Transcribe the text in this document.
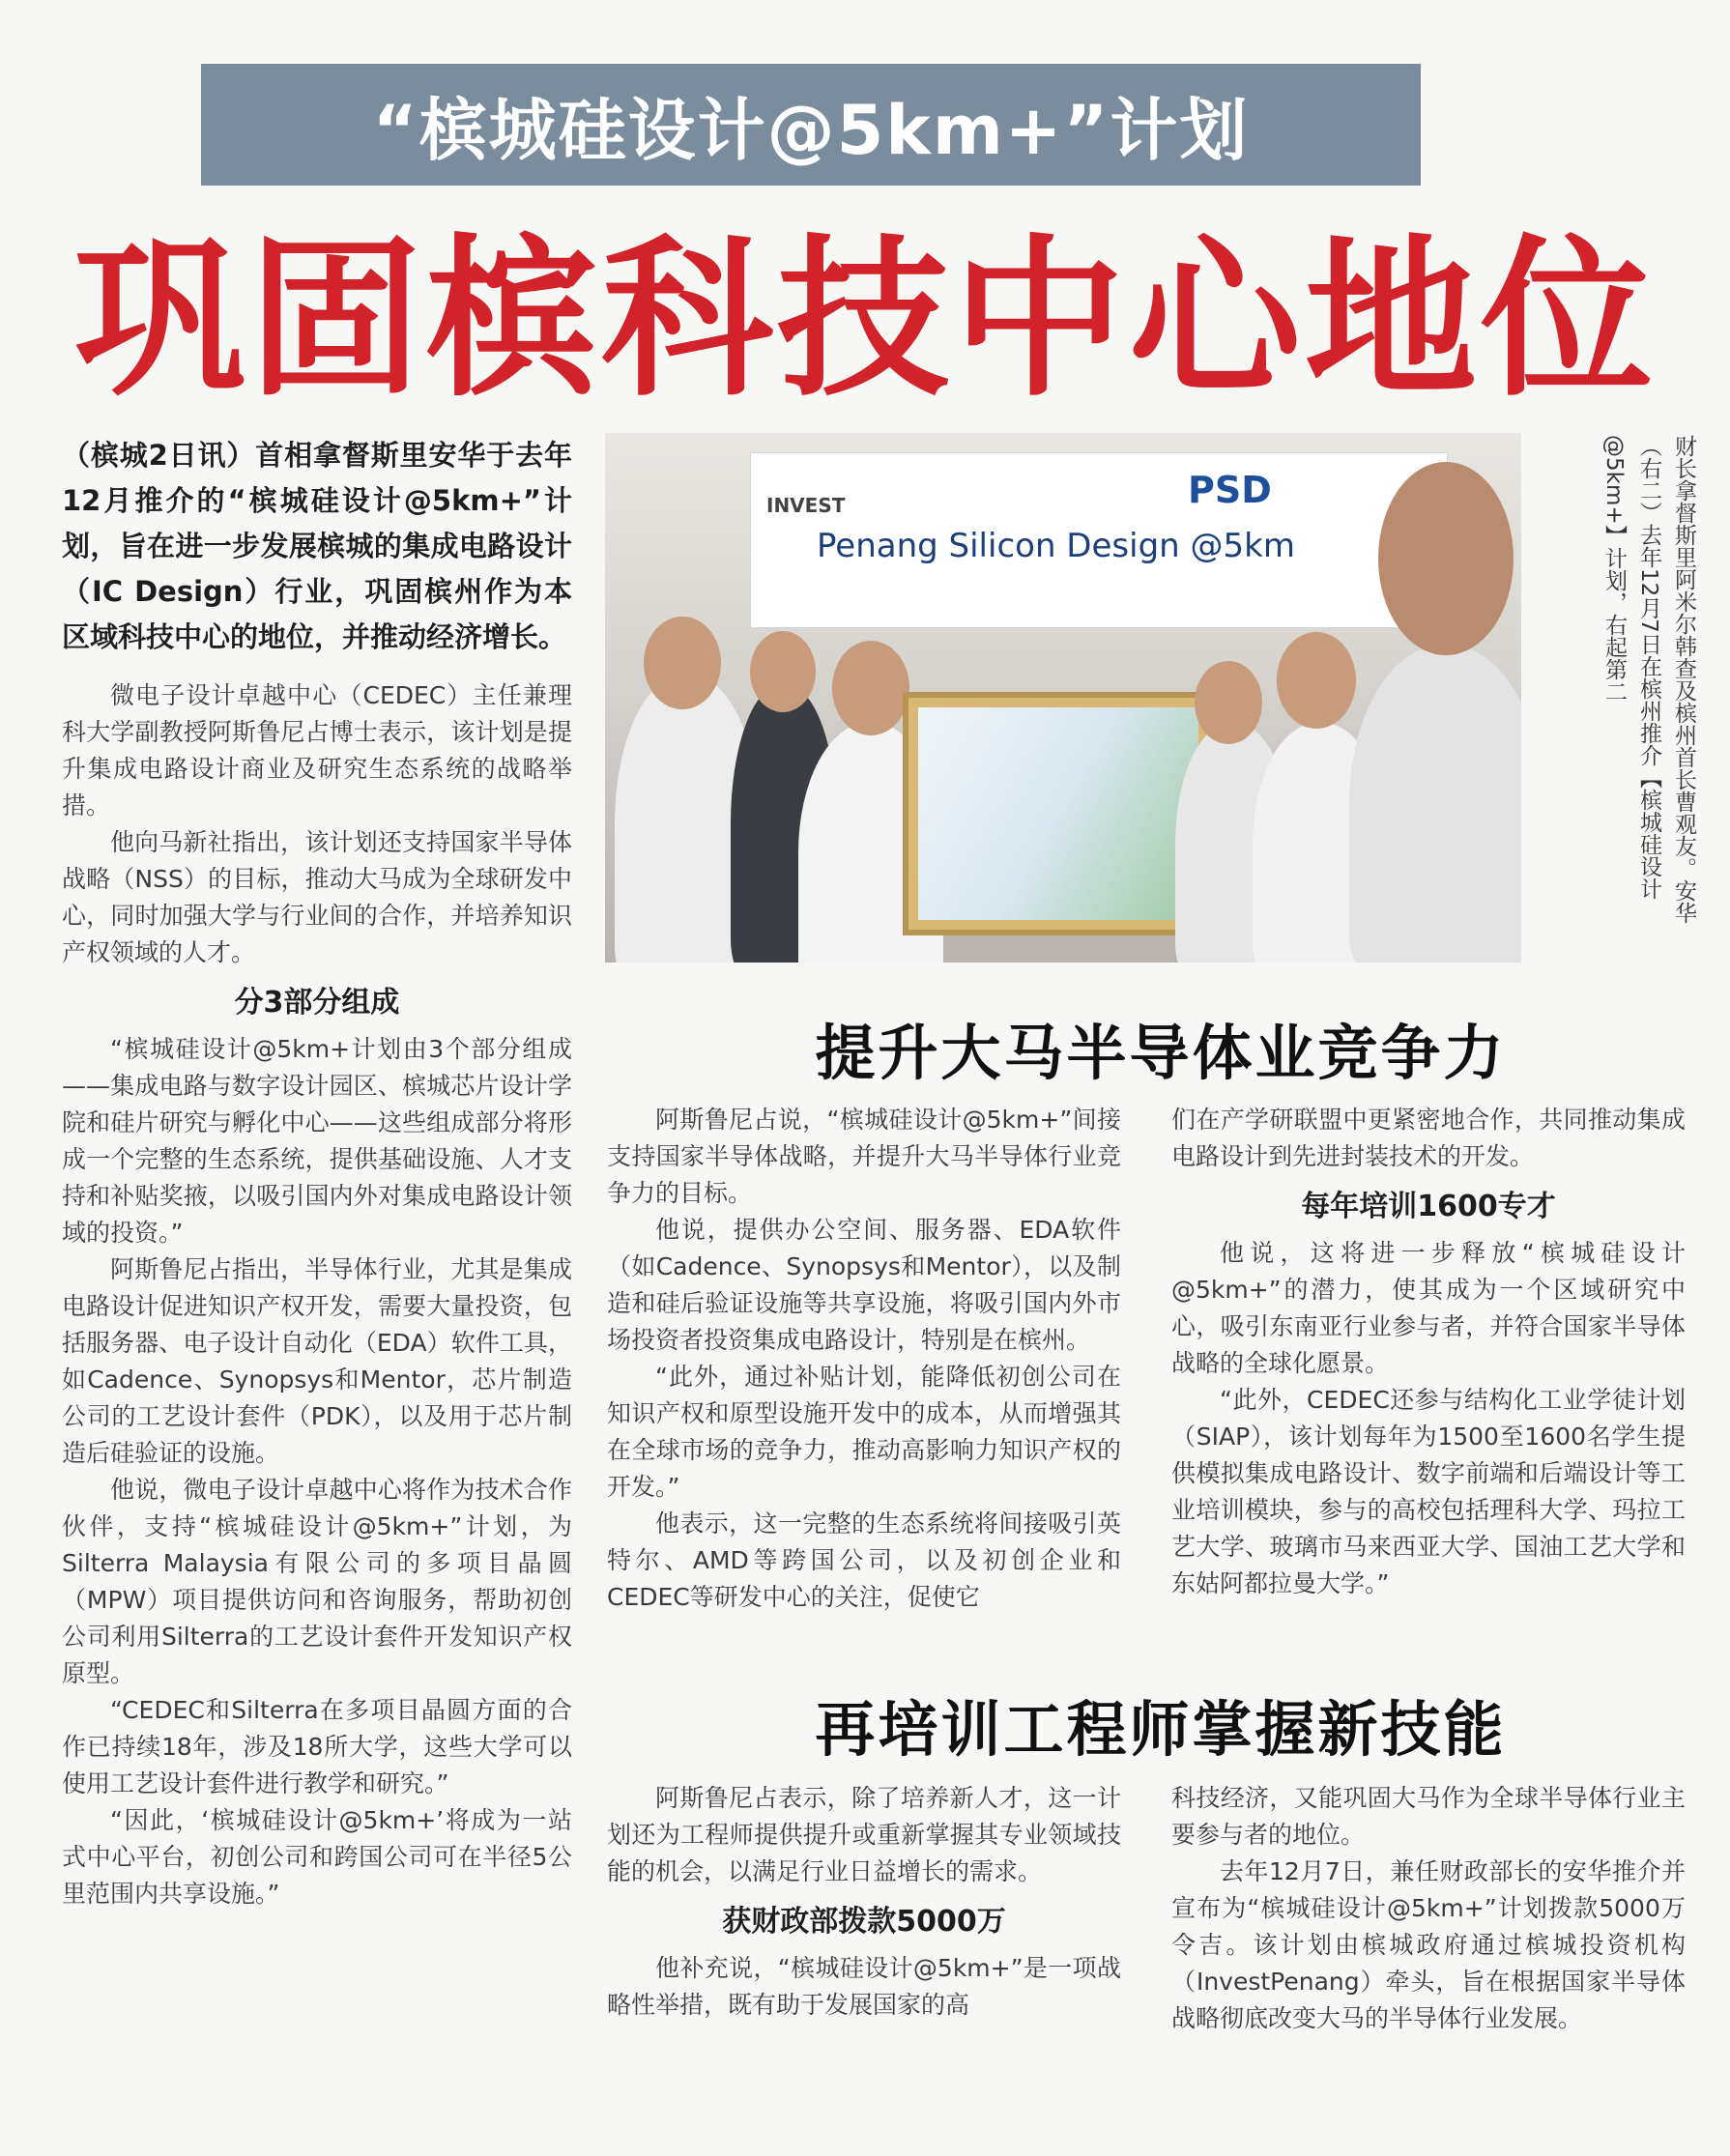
“槟城硅设计@5km+”计划
巩固槟科技中心地位

（槟城2日讯）首相拿督斯里安华于去年12月推介的“槟城硅设计@5km+”计划，旨在进一步发展槟城的集成电路设计（IC Design）行业，巩固槟州作为本区域科技中心的地位，并推动经济增长。

微电子设计卓越中心（CEDEC）主任兼理科大学副教授阿斯鲁尼占博士表示，该计划是提升集成电路设计商业及研究生态系统的战略举措。

他向马新社指出，该计划还支持国家半导体战略（NSS）的目标，推动大马成为全球研发中心，同时加强大学与行业间的合作，并培养知识产权领域的人才。

分3部分组成

“槟城硅设计@5km+计划由3个部分组成——集成电路与数字设计园区、槟城芯片设计学院和硅片研究与孵化中心——这些组成部分将形成一个完整的生态系统，提供基础设施、人才支持和补贴奖掖，以吸引国内外对集成电路设计领域的投资。”

阿斯鲁尼占指出，半导体行业，尤其是集成电路设计促进知识产权开发，需要大量投资，包括服务器、电子设计自动化（EDA）软件工具，如Cadence、Synopsys和Mentor，芯片制造公司的工艺设计套件（PDK），以及用于芯片制造后硅验证的设施。

他说，微电子设计卓越中心将作为技术合作伙伴，支持“槟城硅设计@5km+”计划，为Silterra Malaysia有限公司的多项目晶圆（MPW）项目提供访问和咨询服务，帮助初创公司利用Silterra的工艺设计套件开发知识产权原型。

“CEDEC和Silterra在多项目晶圆方面的合作已持续18年，涉及18所大学，这些大学可以使用工艺设计套件进行教学和研究。”

“因此，‘槟城硅设计@5km+’将成为一站式中心平台，初创公司和跨国公司可在半径5公里范围内共享设施。”

INVEST	PSD
Penang Silicon Design @5km	财长拿督斯里阿米尔韩查及槟州首长曹观友。安华（右二）去年12月7日在槟州推介【槟城硅设计@5km+】计划，右起第二
提升大马半导体业竞争力

阿斯鲁尼占说，“槟城硅设计@5km+”间接支持国家半导体战略，并提升大马半导体行业竞争力的目标。

他说，提供办公空间、服务器、EDA软件（如Cadence、Synopsys和Mentor），以及制造和硅后验证设施等共享设施，将吸引国内外市场投资者投资集成电路设计，特别是在槟州。

“此外，通过补贴计划，能降低初创公司在知识产权和原型设施开发中的成本，从而增强其在全球市场的竞争力，推动高影响力知识产权的开发。”

他表示，这一完整的生态系统将间接吸引英特尔、AMD等跨国公司，以及初创企业和CEDEC等研发中心的关注，促使它

们在产学研联盟中更紧密地合作，共同推动集成电路设计到先进封装技术的开发。

每年培训1600专才

他说，这将进一步释放“槟城硅设计@5km+”的潜力，使其成为一个区域研究中心，吸引东南亚行业参与者，并符合国家半导体战略的全球化愿景。

“此外，CEDEC还参与结构化工业学徒计划（SIAP），该计划每年为1500至1600名学生提供模拟集成电路设计、数字前端和后端设计等工业培训模块，参与的高校包括理科大学、玛拉工艺大学、玻璃市马来西亚大学、国油工艺大学和东姑阿都拉曼大学。”

再培训工程师掌握新技能

阿斯鲁尼占表示，除了培养新人才，这一计划还为工程师提供提升或重新掌握其专业领域技能的机会，以满足行业日益增长的需求。

获财政部拨款5000万

他补充说，“槟城硅设计@5km+”是一项战略性举措，既有助于发展国家的高

科技经济，又能巩固大马作为全球半导体行业主要参与者的地位。

去年12月7日，兼任财政部长的安华推介并宣布为“槟城硅设计@5km+”计划拨款5000万令吉。该计划由槟城政府通过槟城投资机构（InvestPenang）牵头，旨在根据国家半导体战略彻底改变大马的半导体行业发展。
